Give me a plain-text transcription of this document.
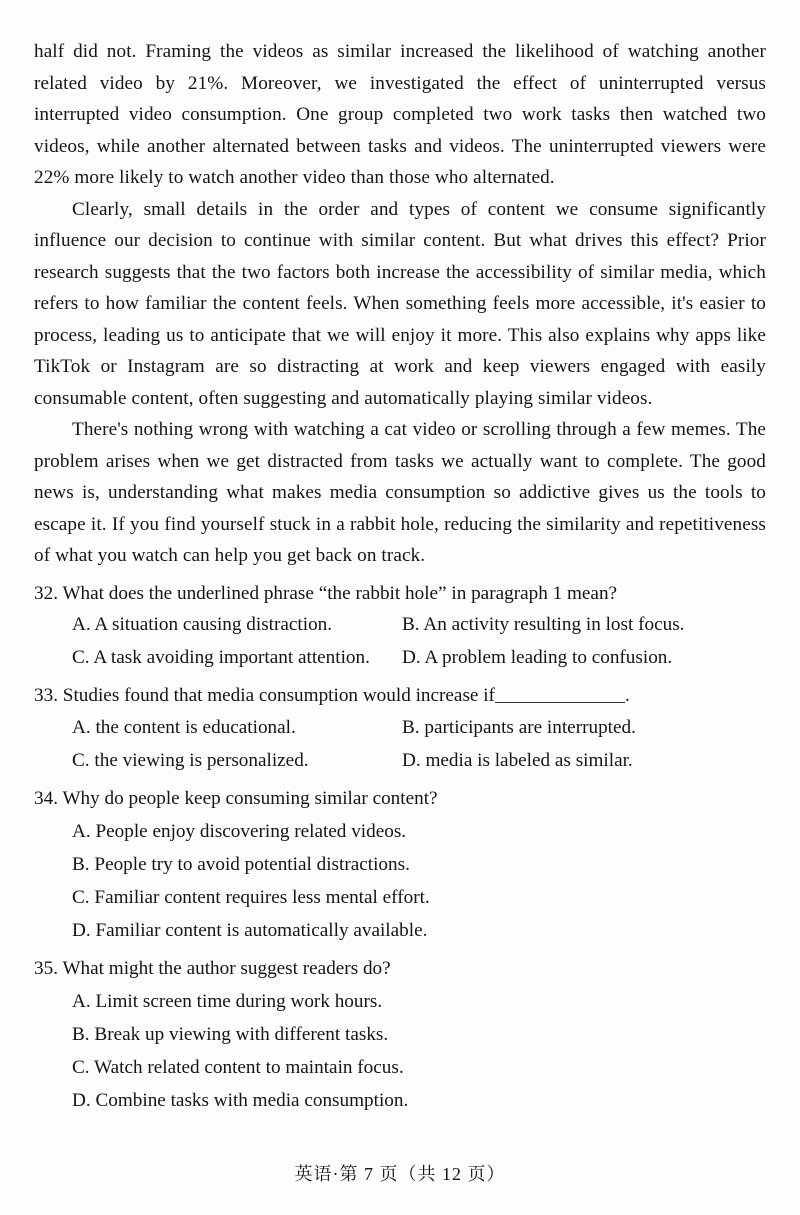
half did not. Framing the videos as similar increased the likelihood of watching another related video by 21%. Moreover, we investigated the effect of uninterrupted versus interrupted video consumption. One group completed two work tasks then watched two videos, while another alternated between tasks and videos. The uninterrupted viewers were 22% more likely to watch another video than those who alternated.

Clearly, small details in the order and types of content we consume significantly influence our decision to continue with similar content. But what drives this effect? Prior research suggests that the two factors both increase the accessibility of similar media, which refers to how familiar the content feels. When something feels more accessible, it's easier to process, leading us to anticipate that we will enjoy it more. This also explains why apps like TikTok or Instagram are so distracting at work and keep viewers engaged with easily consumable content, often suggesting and automatically playing similar videos.

There's nothing wrong with watching a cat video or scrolling through a few memes. The problem arises when we get distracted from tasks we actually want to complete. The good news is, understanding what makes media consumption so addictive gives us the tools to escape it. If you find yourself stuck in a rabbit hole, reducing the similarity and repetitiveness of what you watch can help you get back on track.

32. What does the underlined phrase “the rabbit hole” in paragraph 1 mean?
A. A situation causing distraction.	B. An activity resulting in lost focus.
C. A task avoiding important attention.	D. A problem leading to confusion.
33. Studies found that media consumption would increase if	.
A. the content is educational.	B. participants are interrupted.
C. the viewing is personalized.	D. media is labeled as similar.
34. Why do people keep consuming similar content?
A. People enjoy discovering related videos.
B. People try to avoid potential distractions.
C. Familiar content requires less mental effort.
D. Familiar content is automatically available.
35. What might the author suggest readers do?
A. Limit screen time during work hours.
B. Break up viewing with different tasks.
C. Watch related content to maintain focus.
D. Combine tasks with media consumption.
英语·第 7 页（共 12 页）
